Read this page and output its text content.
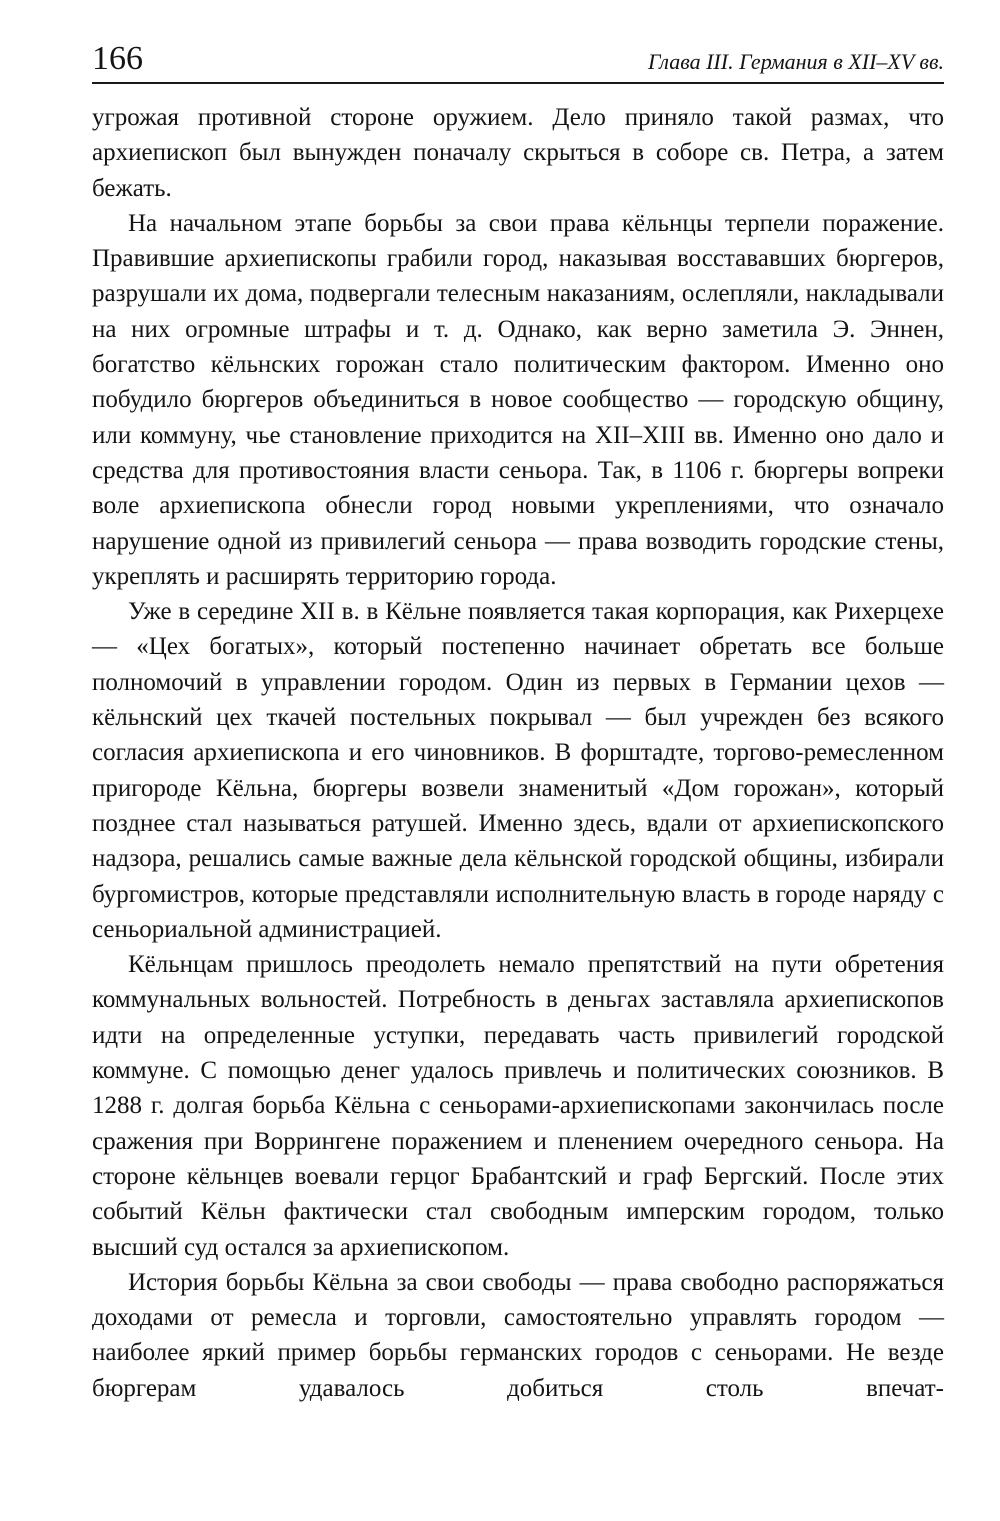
166	Глава III. Германия в XII–XV вв.

угрожая противной стороне оружием. Дело приняло такой размах, что архиепископ был вынужден поначалу скрыться в соборе св. Петра, а затем бежать.

На начальном этапе борьбы за свои права кёльнцы терпели поражение. Правившие архиепископы грабили город, наказывая восстававших бюргеров, разрушали их дома, подвергали телесным наказаниям, ослепляли, накладывали на них огромные штрафы и т. д. Однако, как верно заметила Э. Эннен, богатство кёльнских горожан стало политическим фактором. Именно оно побудило бюргеров объединиться в новое сообщество — городскую общину, или коммуну, чье становление приходится на XII–XIII вв. Именно оно дало и средства для противостояния власти сеньора. Так, в 1106 г. бюргеры вопреки воле архиепископа обнесли город новыми укреплениями, что означало нарушение одной из привилегий сеньора — права возводить городские стены, укреплять и расширять территорию города.

Уже в середине XII в. в Кёльне появляется такая корпорация, как Рихерцехе — «Цех богатых», который постепенно начинает обретать все больше полномочий в управлении городом. Один из первых в Германии цехов — кёльнский цех ткачей постельных покрывал — был учрежден без всякого согласия архиепископа и его чиновников. В форштадте, торгово-ремесленном пригороде Кёльна, бюргеры возвели знаменитый «Дом горожан», который позднее стал называться ратушей. Именно здесь, вдали от архиепископского надзора, решались самые важные дела кёльнской городской общины, избирали бургомистров, которые представляли исполнительную власть в городе наряду с сеньориальной администрацией.

Кёльнцам пришлось преодолеть немало препятствий на пути обретения коммунальных вольностей. Потребность в деньгах заставляла архиепископов идти на определенные уступки, передавать часть привилегий городской коммуне. С помощью денег удалось привлечь и политических союзников. В 1288 г. долгая борьба Кёльна с сеньорами-архиепископами закончилась после сражения при Воррингене поражением и пленением очередного сеньора. На стороне кёльнцев воевали герцог Брабантский и граф Бергский. После этих событий Кёльн фактически стал свободным имперским городом, только высший суд остался за архиепископом.

История борьбы Кёльна за свои свободы — права свободно распоряжаться доходами от ремесла и торговли, самостоятельно управлять городом — наиболее яркий пример борьбы германских городов с сеньорами. Не везде бюргерам удавалось добиться столь впечат-
